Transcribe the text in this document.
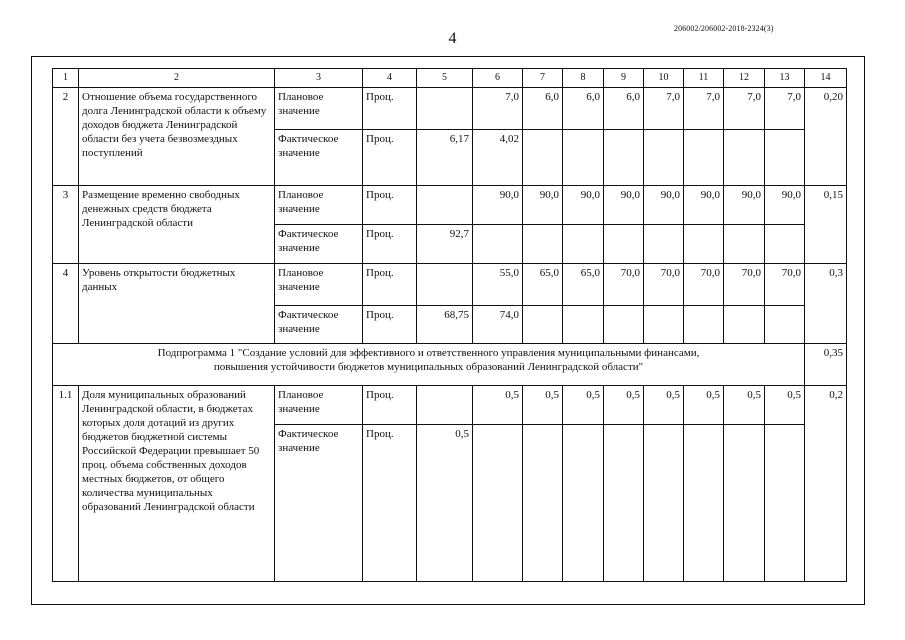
4
206002/206002-2018-2324(3)
1	2	3	4	5	6	7	8	9	10	11	12	13	14
2	Отношение объема государственного долга Ленинградской области к объему доходов бюджета Ленинградской области без учета безвозмездных поступлений	Плановое значение	Проц.		7,0	6,0	6,0	6,0	7,0	7,0	7,0	7,0	0,20
		Фактическое значение	Проц.	6,17	4,02								
3	Размещение временно свободных денежных средств бюджета Ленинградской области	Плановое значение	Проц.		90,0	90,0	90,0	90,0	90,0	90,0	90,0	90,0	0,15
		Фактическое значение	Проц.	92,7									
4	Уровень открытости бюджетных данных	Плановое значение	Проц.		55,0	65,0	65,0	70,0	70,0	70,0	70,0	70,0	0,3
		Фактическое значение	Проц.	68,75	74,0								

Подпрограмма 1 "Создание условий для эффективного и ответственного управления муниципальными финансами,
повышения устойчивости бюджетов муниципальных образований Ленинградской области"													0,35
1.1	Доля муниципальных образований Ленинградской области, в бюджетах которых доля дотаций из других бюджетов бюджетной системы Российской Федерации превышает 50 проц. объема собственных доходов местных бюджетов, от общего количества муниципальных образований Ленинградской области	Плановое значение	Проц.		0,5	0,5	0,5	0,5	0,5	0,5	0,5	0,5	0,2
		Фактическое значение	Проц.	0,5									
